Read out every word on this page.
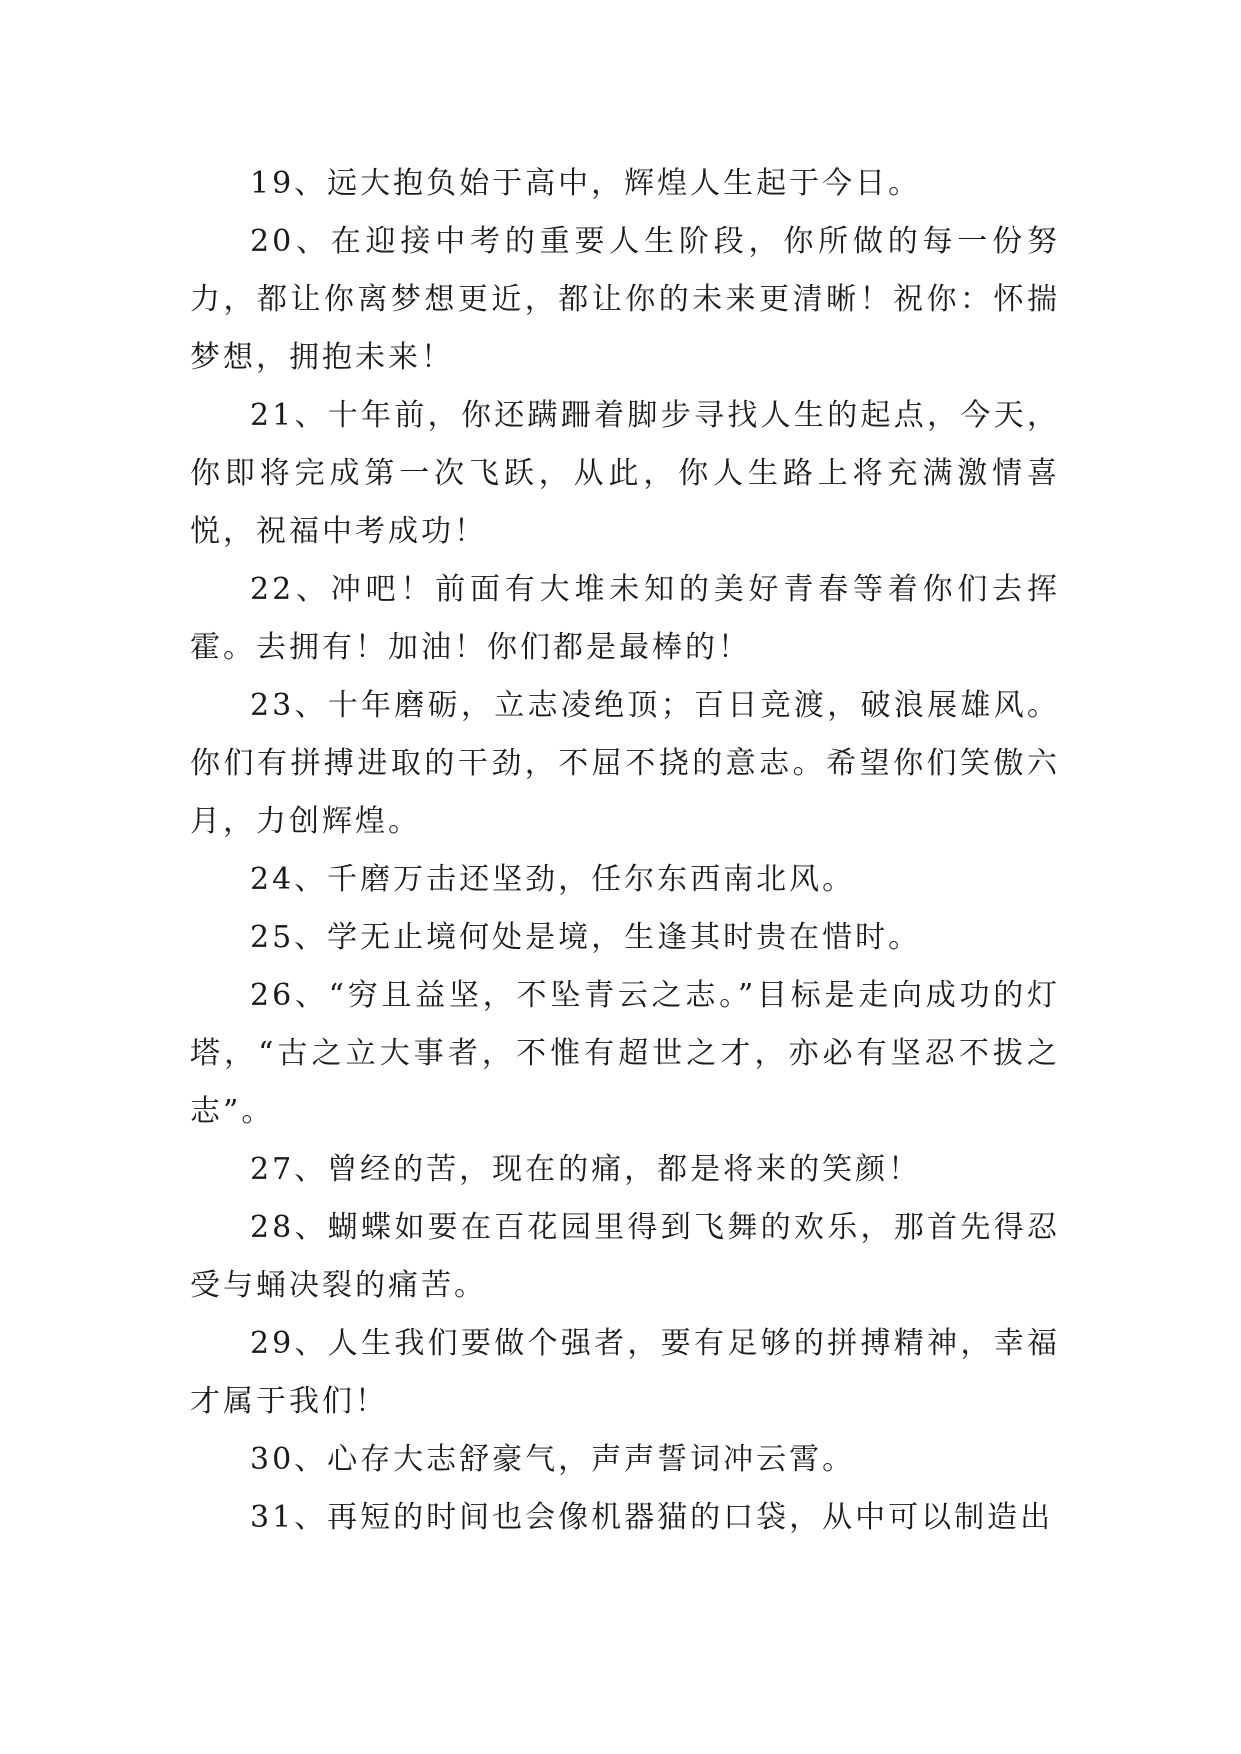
19、远大抱负始于高中，辉煌人生起于今日。

20、在迎接中考的重要人生阶段，你所做的每一份努力，都让你离梦想更近，都让你的未来更清晰！祝你：怀揣梦想，拥抱未来！

21、十年前，你还蹒跚着脚步寻找人生的起点，今天，你即将完成第一次飞跃，从此，你人生路上将充满激情喜悦，祝福中考成功！

22、冲吧！前面有大堆未知的美好青春等着你们去挥霍。去拥有！加油！你们都是最棒的！

23、十年磨砺，立志凌绝顶；百日竞渡，破浪展雄风。你们有拼搏进取的干劲，不屈不挠的意志。希望你们笑傲六月，力创辉煌。

24、千磨万击还坚劲，任尔东西南北风。

25、学无止境何处是境，生逢其时贵在惜时。

26、“穷且益坚，不坠青云之志。”目标是走向成功的灯塔，“古之立大事者，不惟有超世之才，亦必有坚忍不拔之志”。

27、曾经的苦，现在的痛，都是将来的笑颜！

28、蝴蝶如要在百花园里得到飞舞的欢乐，那首先得忍受与蛹决裂的痛苦。

29、人生我们要做个强者，要有足够的拼搏精神，幸福才属于我们！

30、心存大志舒豪气，声声誓词冲云霄。

31、再短的时间也会像机器猫的口袋，从中可以制造出
